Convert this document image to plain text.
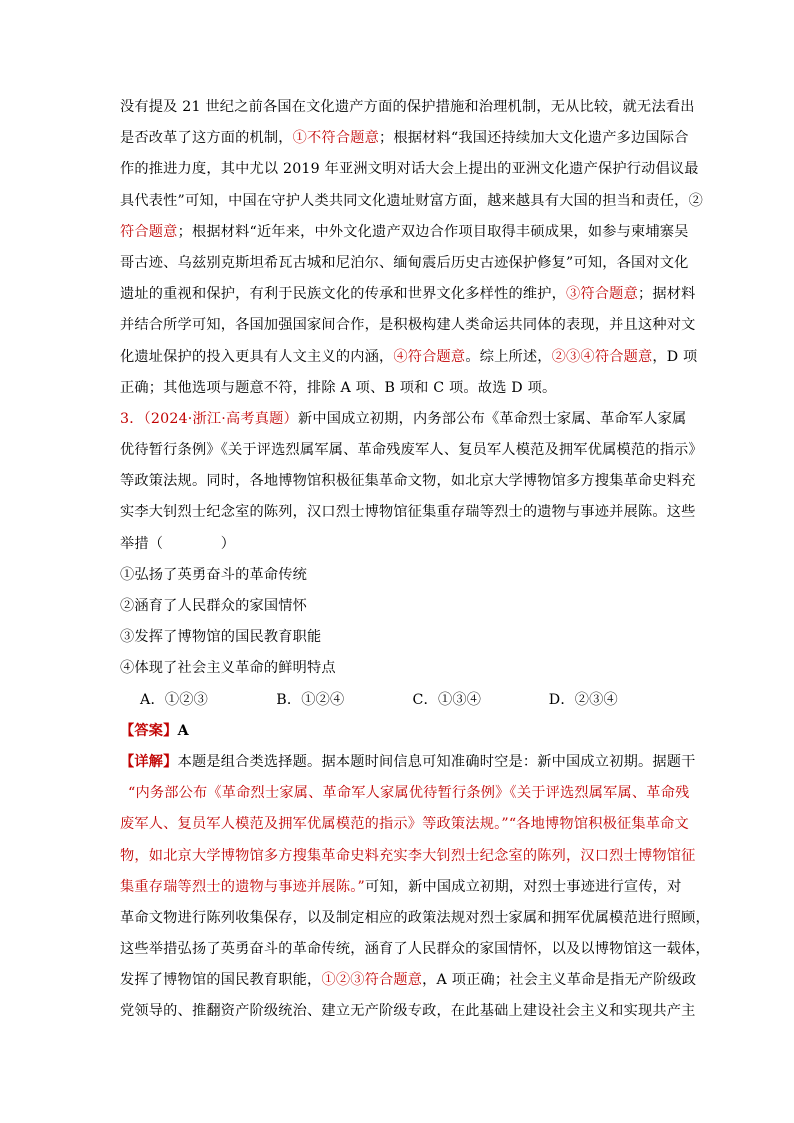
没有提及 21 世纪之前各国在文化遗产方面的保护措施和治理机制，无从比较，就无法看出
是否改革了这方面的机制，①不符合题意；根据材料“我国还持续加大文化遗产多边国际合
作的推进力度，其中尤以 2019 年亚洲文明对话大会上提出的亚洲文化遗产保护行动倡议最
具代表性”可知，中国在守护人类共同文化遗址财富方面，越来越具有大国的担当和责任，②
符合题意；根据材料“近年来，中外文化遗产双边合作项目取得丰硕成果，如参与柬埔寨吴
哥古迹、乌兹别克斯坦希瓦古城和尼泊尔、缅甸震后历史古迹保护修复”可知，各国对文化
遗址的重视和保护，有利于民族文化的传承和世界文化多样性的维护，③符合题意；据材料
并结合所学可知，各国加强国家间合作，是积极构建人类命运共同体的表现，并且这种对文
化遗址保护的投入更具有人文主义的内涵，④符合题意。综上所述，②③④符合题意，D 项
正确；其他选项与题意不符，排除 A 项、B 项和 C 项。故选 D 项。
3．（2024·浙江·高考真题）新中国成立初期，内务部公布《革命烈士家属、革命军人家属
优待暂行条例》《关于评选烈属军属、革命残废军人、复员军人模范及拥军优属模范的指示》
等政策法规。同时，各地博物馆积极征集革命文物，如北京大学博物馆多方搜集革命史料充
实李大钊烈士纪念室的陈列，汉口烈士博物馆征集重存瑞等烈士的遗物与事迹并展陈。这些
举措（　　　　）
①弘扬了英勇奋斗的革命传统
②涵育了人民群众的家国情怀
③发挥了博物馆的国民教育职能
④体现了社会主义革命的鲜明特点
A．①②③	B．①②④	C．①③④	D．②③④
【答案】A
【详解】本题是组合类选择题。据本题时间信息可知准确时空是：新中国成立初期。据题干
“内务部公布《革命烈士家属、革命军人家属优待暂行条例》《关于评选烈属军属、革命残
废军人、复员军人模范及拥军优属模范的指示》等政策法规。”“各地博物馆积极征集革命文
物，如北京大学博物馆多方搜集革命史料充实李大钊烈士纪念室的陈列，汉口烈士博物馆征
集重存瑞等烈士的遗物与事迹并展陈。”可知，新中国成立初期，对烈士事迹进行宣传，对
革命文物进行陈列收集保存，以及制定相应的政策法规对烈士家属和拥军优属模范进行照顾，
这些举措弘扬了英勇奋斗的革命传统，涵育了人民群众的家国情怀，以及以博物馆这一载体，
发挥了博物馆的国民教育职能，①②③符合题意，A 项正确；社会主义革命是指无产阶级政
党领导的、推翻资产阶级统治、建立无产阶级专政，在此基础上建设社会主义和实现共产主
